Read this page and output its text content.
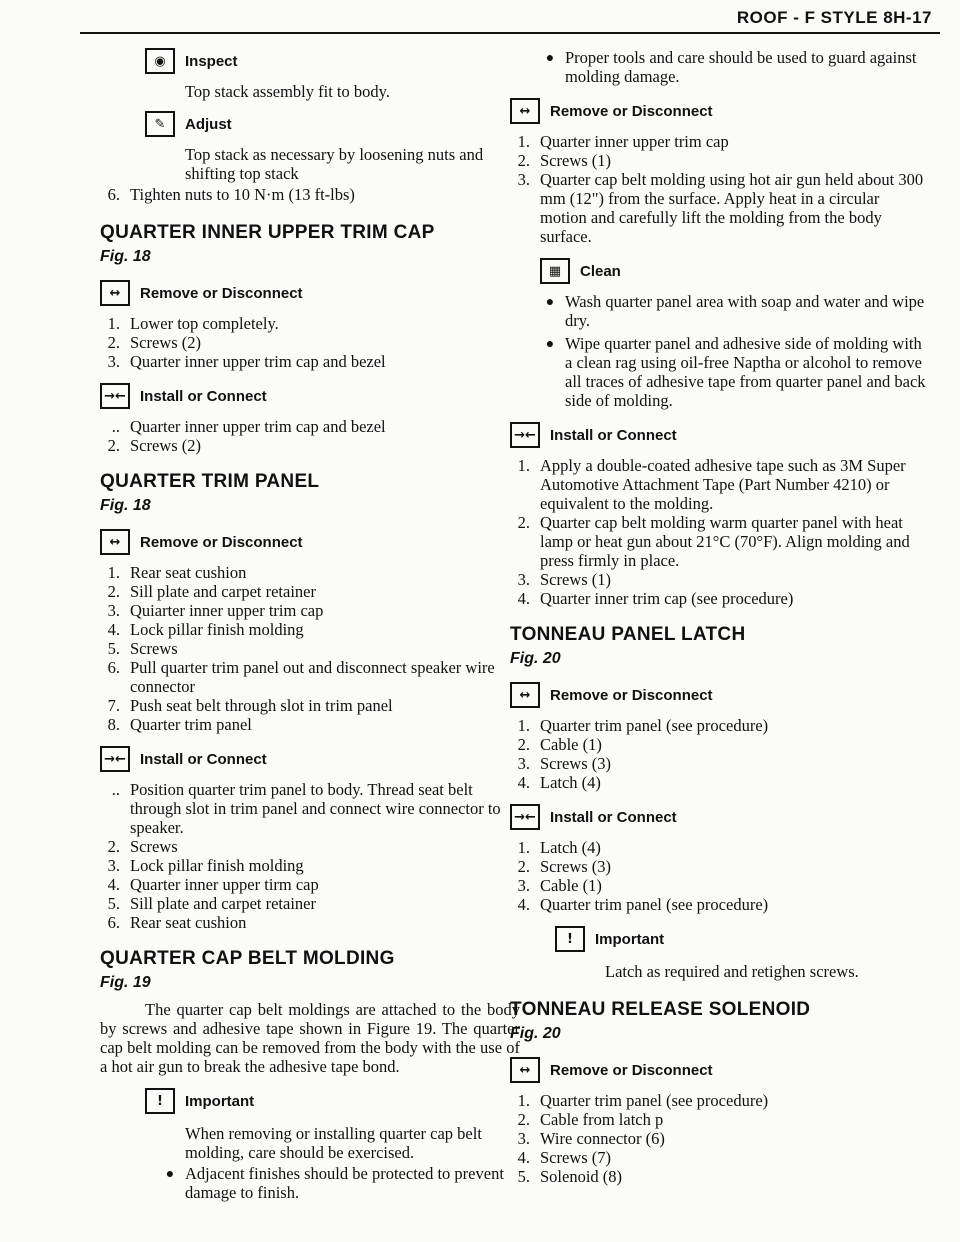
ROOF - F STYLE 8H-17
◉	Inspect
Top stack assembly fit to body.
✎	Adjust
Top stack as necessary by loosening nuts and shifting top stack
6. Tighten nuts to 10 N·m (13 ft-lbs)
QUARTER INNER UPPER TRIM CAP
Fig. 18
↔	Remove or Disconnect
1. Lower top completely.
2. Screws (2)
3. Quarter inner upper trim cap and bezel
→← Install or Connect
.. Quarter inner upper trim cap and bezel
2. Screws (2)
QUARTER TRIM PANEL
Fig. 18
↔	Remove or Disconnect
1. Rear seat cushion
2. Sill plate and carpet retainer
3. Quiarter inner upper trim cap
4. Lock pillar finish molding
5. Screws
6. Pull quarter trim panel out and disconnect speaker wire connector
7. Push seat belt through slot in trim panel
8. Quarter trim panel
→← Install or Connect
.. Position quarter trim panel to body. Thread seat belt through slot in trim panel and connect wire connector to speaker.
2. Screws
3. Lock pillar finish molding
4. Quarter inner upper tirm cap
5. Sill plate and carpet retainer
6. Rear seat cushion
QUARTER CAP BELT MOLDING
Fig. 19
The quarter cap belt moldings are attached to the body by screws and adhesive tape shown in Figure 19. The quarter cap belt molding can be removed from the body with the use of a hot air gun to break the adhesive tape bond.
!	Important
When removing or installing quarter cap belt molding, care should be exercised.
● Adjacent finishes should be protected to prevent damage to finish.
● Proper tools and care should be used to guard against molding damage.
↔	Remove or Disconnect
1. Quarter inner upper trim cap
2. Screws (1)
3. Quarter cap belt molding using hot air gun held about 300 mm (12") from the surface. Apply heat in a circular motion and carefully lift the molding from the body surface.
▦	Clean
● Wash quarter panel area with soap and water and wipe dry.
● Wipe quarter panel and adhesive side of molding with a clean rag using oil-free Naptha or alcohol to remove all traces of adhesive tape from quarter panel and back side of molding.
→← Install or Connect
1. Apply a double-coated adhesive tape such as 3M Super Automotive Attachment Tape (Part Number 4210) or equivalent to the molding.
2. Quarter cap belt molding warm quarter panel with heat lamp or heat gun about 21°C (70°F). Align molding and press firmly in place.
3. Screws (1)
4. Quarter inner trim cap (see procedure)
TONNEAU PANEL LATCH
Fig. 20
↔	Remove or Disconnect
1. Quarter trim panel (see procedure)
2. Cable (1)
3. Screws (3)
4. Latch (4)
→← Install or Connect
1. Latch (4)
2. Screws (3)
3. Cable (1)
4. Quarter trim panel (see procedure)
!	Important
Latch as required and retighen screws.
TONNEAU RELEASE SOLENOID
Fig. 20
↔	Remove or Disconnect
1. Quarter trim panel (see procedure)
2. Cable from latch p
3. Wire connector (6)
4. Screws (7)
5. Solenoid (8)
